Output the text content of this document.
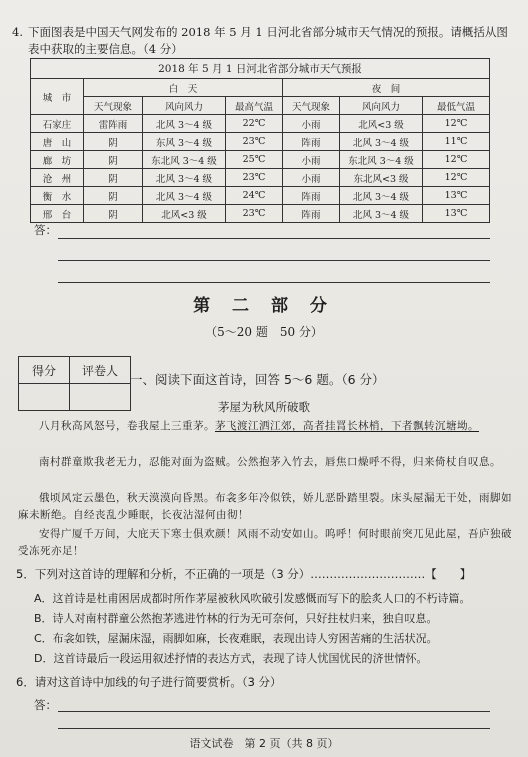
4. 下面图表是中国天气网发布的 2018 年 5 月 1 日河北省部分城市天气情况的预报。请概括从图表中获取的主要信息。（4 分）
2018 年 5 月 1 日河北省部分城市天气预报						
城　市	白　天			夜　间		
	天气现象	风向风力	最高气温	天气现象	风向风力	最低气温
石家庄	雷阵雨	北风 3～4 级	22℃	小雨	北风<3 级	12℃
唐　山	阴	东风 3～4 级	23℃	阵雨	北风 3～4 级	11℃
廊　坊	阴	东北风 3～4 级	25℃	小雨	东北风 3～4 级	12℃
沧　州	阴	北风 3～4 级	23℃	小雨	东北风<3 级	12℃
衡　水	阴	北风 3～4 级	24℃	阵雨	北风 3～4 级	13℃
邢　台	阴	北风<3 级	23℃	阵雨	北风 3～4 级	13℃
答：
第 二 部 分
（5～20 题　50 分）
得分	评卷人

一、阅读下面这首诗，回答 5～6 题。（6 分）
茅屋为秋风所破歌
八月秋高风怒号，卷我屋上三重茅。茅飞渡江洒江郊，高者挂罥长林梢，下者飘转沉塘坳。
南村群童欺我老无力，忍能对面为盗贼。公然抱茅入竹去，唇焦口燥呼不得，归来倚杖自叹息。
俄顷风定云墨色，秋天漠漠向昏黑。布衾多年冷似铁，娇儿恶卧踏里裂。床头屋漏无干处，雨脚如麻未断绝。自经丧乱少睡眠，长夜沾湿何由彻！
安得广厦千万间，大庇天下寒士俱欢颜！风雨不动安如山。呜呼！何时眼前突兀见此屋，吾庐独破受冻死亦足！
5．下列对这首诗的理解和分析，不正确的一项是（3 分）…………………………【　　】
A．这首诗是杜甫困居成都时所作茅屋被秋风吹破引发感慨而写下的脍炙人口的不朽诗篇。
B．诗人对南村群童公然抱茅逃进竹林的行为无可奈何，只好拄杖归来，独自叹息。
C．布衾如铁，屋漏床湿，雨脚如麻，长夜难眠，表现出诗人穷困苦痛的生活状况。
D．这首诗最后一段运用叙述抒情的表达方式，表现了诗人忧国忧民的济世情怀。
6．请对这首诗中加线的句子进行简要赏析。（3 分）
答：
语文试卷　第 2 页（共 8 页）
